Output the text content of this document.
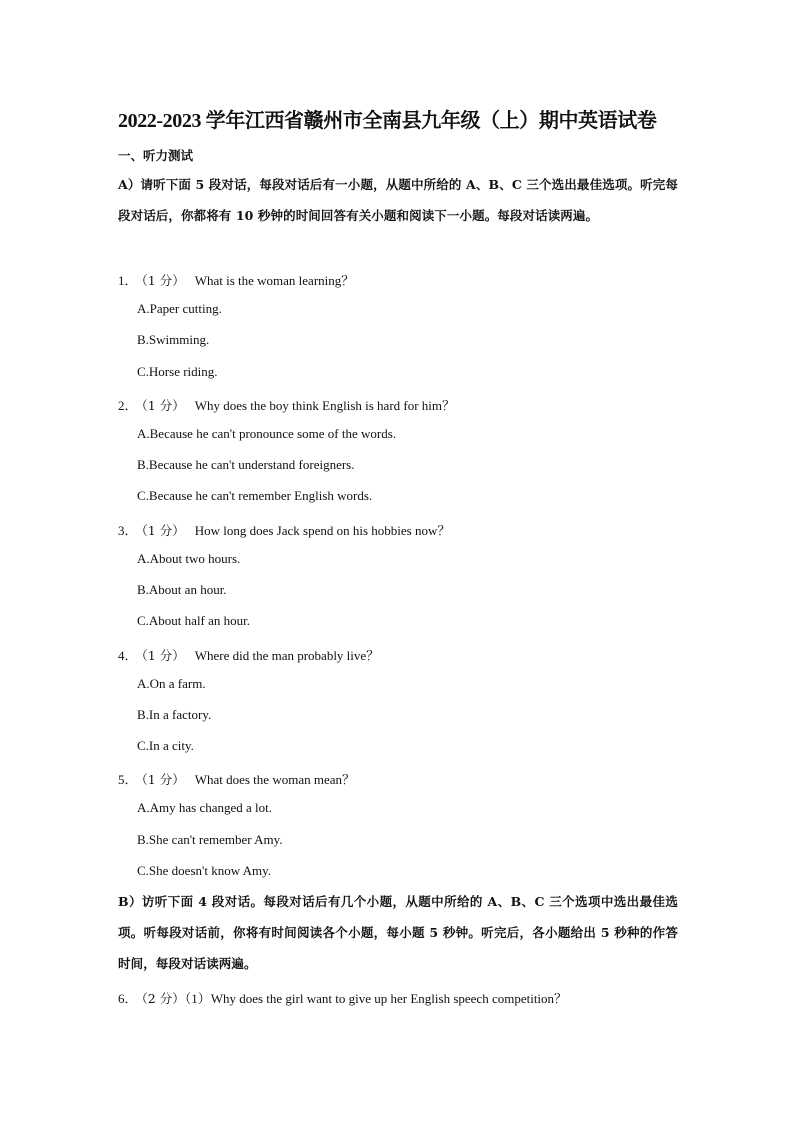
2022-2023 学年江西省赣州市全南县九年级（上）期中英语试卷
一、听力测试
A）请听下面 5 段对话，每段对话后有一小题，从题中所给的 A、B、C 三个选出最佳选项。听完每段对话后，你都将有 10 秒钟的时间回答有关小题和阅读下一小题。每段对话读两遍。
1． （1 分） What is the woman learning？
A.Paper cutting.
B.Swimming.
C.Horse riding.
2． （1 分） Why does the boy think English is hard for him？
A.Because he can't pronounce some of the words.
B.Because he can't understand foreigners.
C.Because he can't remember English words.
3． （1 分） How long does Jack spend on his hobbies now？
A.About two hours.
B.About an hour.
C.About half an hour.
4． （1 分） Where did the man probably live？
A.On a farm.
B.In a factory.
C.In a city.
5． （1 分） What does the woman mean？
A.Amy has changed a lot.
B.She can't remember Amy.
C.She doesn't know Amy.
B）访听下面 4 段对话。每段对话后有几个小题，从题中所给的 A、B、C 三个选项中选出最佳选项。听每段对话前，你将有时间阅读各个小题，每小题 5 秒钟。听完后，各小题给出 5 秒种的作答时间，每段对话读两遍。
6． （2 分）（1）Why does the girl want to give up her English speech competition？
